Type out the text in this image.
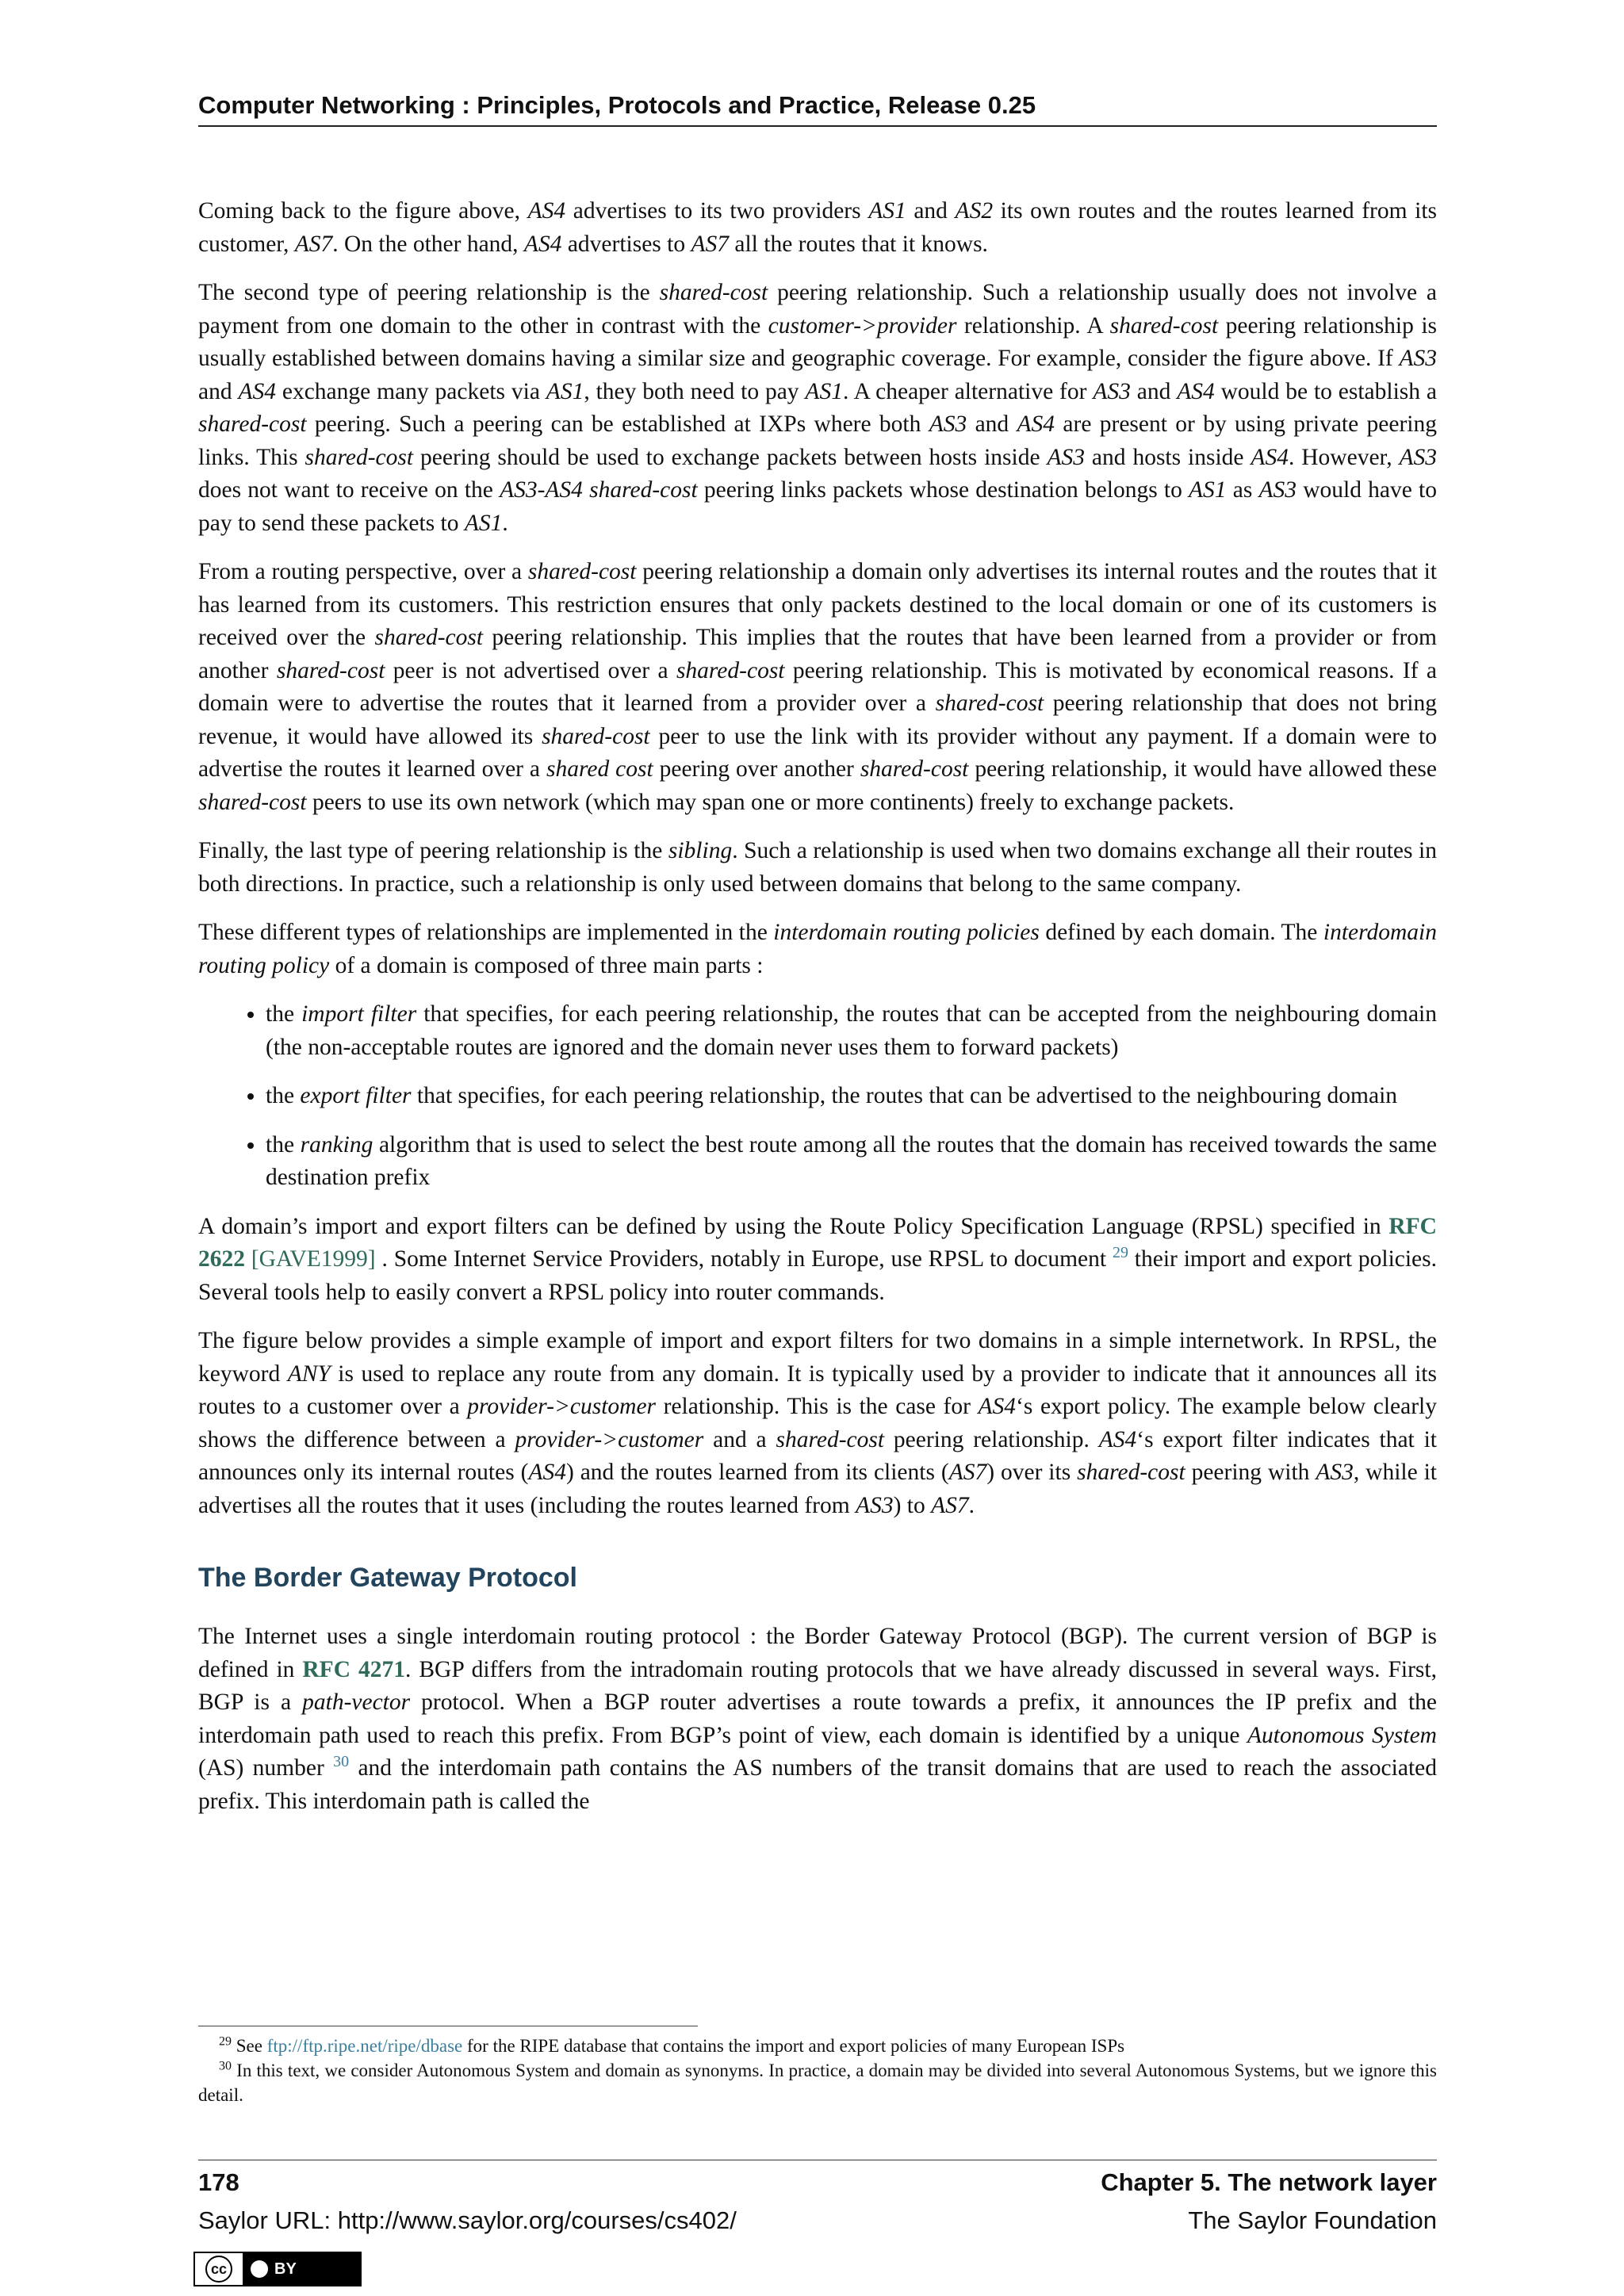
Computer Networking : Principles, Protocols and Practice, Release 0.25

Coming back to the figure above, AS4 advertises to its two providers AS1 and AS2 its own routes and the routes learned from its customer, AS7. On the other hand, AS4 advertises to AS7 all the routes that it knows.

The second type of peering relationship is the shared-cost peering relationship. Such a relationship usually does not involve a payment from one domain to the other in contrast with the customer->provider relationship. A shared-cost peering relationship is usually established between domains having a similar size and geographic coverage. For example, consider the figure above. If AS3 and AS4 exchange many packets via AS1, they both need to pay AS1. A cheaper alternative for AS3 and AS4 would be to establish a shared-cost peering. Such a peering can be established at IXPs where both AS3 and AS4 are present or by using private peering links. This shared-cost peering should be used to exchange packets between hosts inside AS3 and hosts inside AS4. However, AS3 does not want to receive on the AS3-AS4 shared-cost peering links packets whose destination belongs to AS1 as AS3 would have to pay to send these packets to AS1.

From a routing perspective, over a shared-cost peering relationship a domain only advertises its internal routes and the routes that it has learned from its customers. This restriction ensures that only packets destined to the local domain or one of its customers is received over the shared-cost peering relationship. This implies that the routes that have been learned from a provider or from another shared-cost peer is not advertised over a shared-cost peering relationship. This is motivated by economical reasons. If a domain were to advertise the routes that it learned from a provider over a shared-cost peering relationship that does not bring revenue, it would have allowed its shared-cost peer to use the link with its provider without any payment. If a domain were to advertise the routes it learned over a shared cost peering over another shared-cost peering relationship, it would have allowed these shared-cost peers to use its own network (which may span one or more continents) freely to exchange packets.

Finally, the last type of peering relationship is the sibling. Such a relationship is used when two domains exchange all their routes in both directions. In practice, such a relationship is only used between domains that belong to the same company.

These different types of relationships are implemented in the interdomain routing policies defined by each domain. The interdomain routing policy of a domain is composed of three main parts :

• the import filter that specifies, for each peering relationship, the routes that can be accepted from the neighbouring domain (the non-acceptable routes are ignored and the domain never uses them to forward packets)
• the export filter that specifies, for each peering relationship, the routes that can be advertised to the neighbouring domain
• the ranking algorithm that is used to select the best route among all the routes that the domain has received towards the same destination prefix

A domain’s import and export filters can be defined by using the Route Policy Specification Language (RPSL) specified in RFC 2622 [GAVE1999] . Some Internet Service Providers, notably in Europe, use RPSL to document $^{29}$ their import and export policies. Several tools help to easily convert a RPSL policy into router commands.

The figure below provides a simple example of import and export filters for two domains in a simple internetwork. In RPSL, the keyword ANY is used to replace any route from any domain. It is typically used by a provider to indicate that it announces all its routes to a customer over a provider->customer relationship. This is the case for AS4‘s export policy. The example below clearly shows the difference between a provider->customer and a shared-cost peering relationship. AS4‘s export filter indicates that it announces only its internal routes (AS4) and the routes learned from its clients (AS7) over its shared-cost peering with AS3, while it advertises all the routes that it uses (including the routes learned from AS3) to AS7.

The Border Gateway Protocol

The Internet uses a single interdomain routing protocol : the Border Gateway Protocol (BGP). The current version of BGP is defined in RFC 4271. BGP differs from the intradomain routing protocols that we have already discussed in several ways. First, BGP is a path-vector protocol. When a BGP router advertises a route towards a prefix, it announces the IP prefix and the interdomain path used to reach this prefix. From BGP’s point of view, each domain is identified by a unique Autonomous System (AS) number $^{30}$ and the interdomain path contains the AS numbers of the transit domains that are used to reach the associated prefix. This interdomain path is called the

$^{29}$ See ftp://ftp.ripe.net/ripe/dbase for the RIPE database that contains the import and export policies of many European ISPs

$^{30}$ In this text, we consider Autonomous System and domain as synonyms. In practice, a domain may be divided into several Autonomous Systems, but we ignore this detail.

178	Chapter 5. The network layer
Saylor URL: http://www.saylor.org/courses/cs402/	The Saylor Foundation
cc	BY
